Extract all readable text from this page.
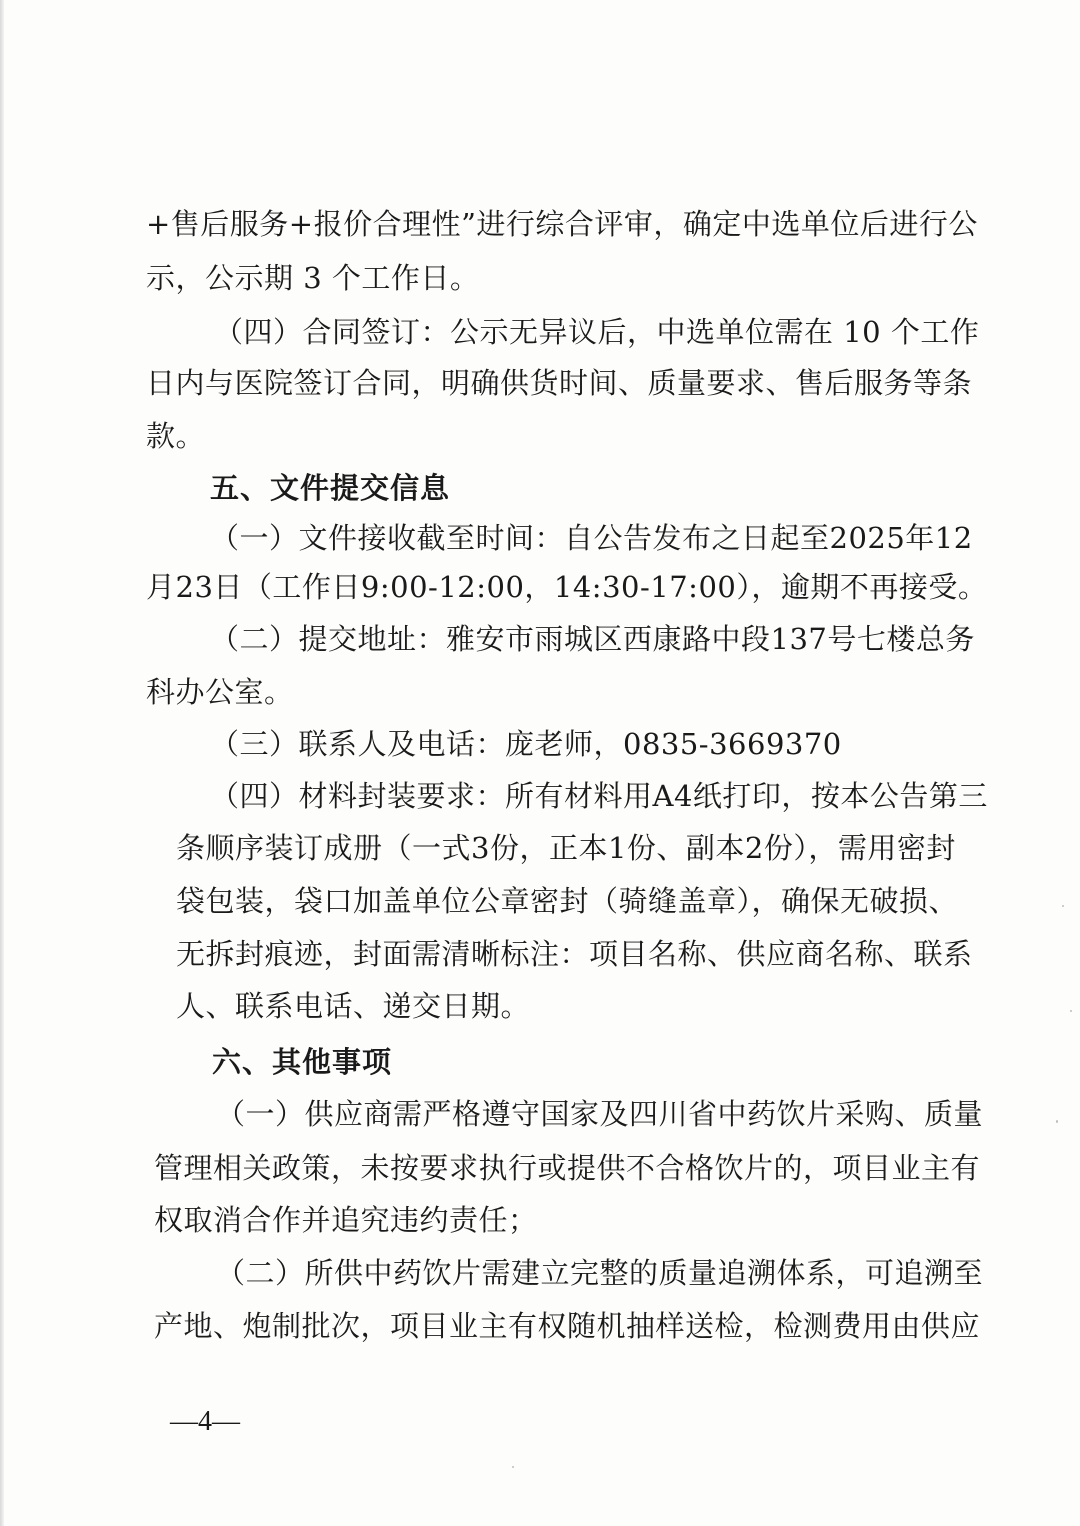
+售后服务+报价合理性”进行综合评审，确定中选单位后进行公
示，公示期 3 个工作日。
（四）合同签订：公示无异议后，中选单位需在 10 个工作
日内与医院签订合同，明确供货时间、质量要求、售后服务等条
款。
五、文件提交信息
（一）文件接收截至时间：自公告发布之日起至2025年12
月23日（工作日9:00-12:00，14:30-17:00），逾期不再接受。
（二）提交地址：雅安市雨城区西康路中段137号七楼总务
科办公室。
（三）联系人及电话：庞老师，0835-3669370
（四）材料封装要求：所有材料用A4纸打印，按本公告第三
条顺序装订成册（一式3份，正本1份、副本2份），需用密封
袋包装，袋口加盖单位公章密封（骑缝盖章），确保无破损、
无拆封痕迹，封面需清晰标注：项目名称、供应商名称、联系
人、联系电话、递交日期。
六、其他事项
（一）供应商需严格遵守国家及四川省中药饮片采购、质量
管理相关政策，未按要求执行或提供不合格饮片的，项目业主有
权取消合作并追究违约责任；
（二）所供中药饮片需建立完整的质量追溯体系，可追溯至
产地、炮制批次，项目业主有权随机抽样送检，检测费用由供应
—4—
